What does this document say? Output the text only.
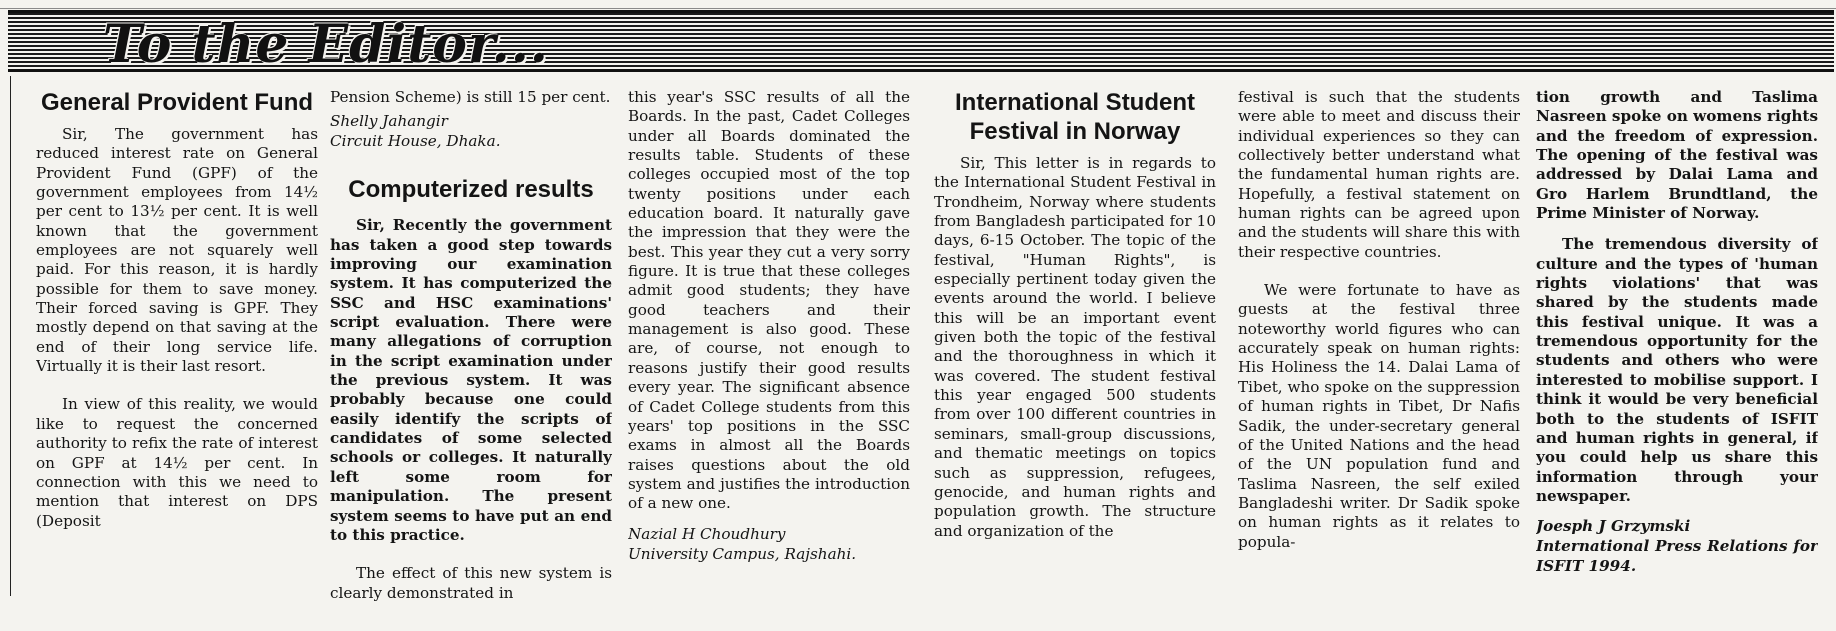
To the Editor...
General Provident Fund

Sir, The government has reduced interest rate on General Provident Fund (GPF) of the government employees from 14½ per cent to 13½ per cent. It is well known that the government employees are not squarely well paid. For this reason, it is hardly possible for them to save money. Their forced saving is GPF. They mostly depend on that saving at the end of their long service life. Virtually it is their last resort.

In view of this reality, we would like to request the concerned authority to refix the rate of interest on GPF at 14½ per cent. In connection with this we need to mention that interest on DPS (Deposit

Pension Scheme) is still 15 per cent.

Shelly Jahangir
Circuit House, Dhaka.
Computerized results

Sir, Recently the government has taken a good step towards improving our examination system. It has computerized the SSC and HSC examinations' script evaluation. There were many allegations of corruption in the script examination under the previous system. It was probably because one could easily identify the scripts of candidates of some selected schools or colleges. It naturally left some room for manipulation. The present system seems to have put an end to this practice.

The effect of this new system is clearly demonstrated in

this year's SSC results of all the Boards. In the past, Cadet Colleges under all Boards dominated the results table. Students of these colleges occupied most of the top twenty positions under each education board. It naturally gave the impression that they were the best. This year they cut a very sorry figure. It is true that these colleges admit good students; they have good teachers and their management is also good. These are, of course, not enough to reasons justify their good results every year. The significant absence of Cadet College students from this years' top positions in the SSC exams in almost all the Boards raises questions about the old system and justifies the introduction of a new one.

Nazial H Choudhury
University Campus, Rajshahi.
International Student Festival in Norway

Sir, This letter is in regards to the International Student Festival in Trondheim, Norway where students from Bangladesh participated for 10 days, 6-15 October. The topic of the festival, "Human Rights", is especially pertinent today given the events around the world. I believe this will be an important event given both the topic of the festival and the thoroughness in which it was covered. The student festival this year engaged 500 students from over 100 different countries in seminars, small-group discussions, and thematic meetings on topics such as suppression, refugees, genocide, and human rights and population growth. The structure and organization of the

festival is such that the students were able to meet and discuss their individual experiences so they can collectively better understand what the fundamental human rights are. Hopefully, a festival statement on human rights can be agreed upon and the students will share this with their respective countries.

We were fortunate to have as guests at the festival three noteworthy world figures who can accurately speak on human rights: His Holiness the 14. Dalai Lama of Tibet, who spoke on the suppression of human rights in Tibet, Dr Nafis Sadik, the under-secretary general of the United Nations and the head of the UN population fund and Taslima Nasreen, the self exiled Bangladeshi writer. Dr Sadik spoke on human rights as it relates to popula-

tion growth and Taslima Nasreen spoke on womens rights and the freedom of expression. The opening of the festival was addressed by Dalai Lama and Gro Harlem Brundtland, the Prime Minister of Norway.

The tremendous diversity of culture and the types of 'human rights violations' that was shared by the students made this festival unique. It was a tremendous opportunity for the students and others who were interested to mobilise support. I think it would be very beneficial both to the students of ISFIT and human rights in general, if you could help us share this information through your newspaper.

Joesph J Grzymski
International Press Relations for ISFIT 1994.
